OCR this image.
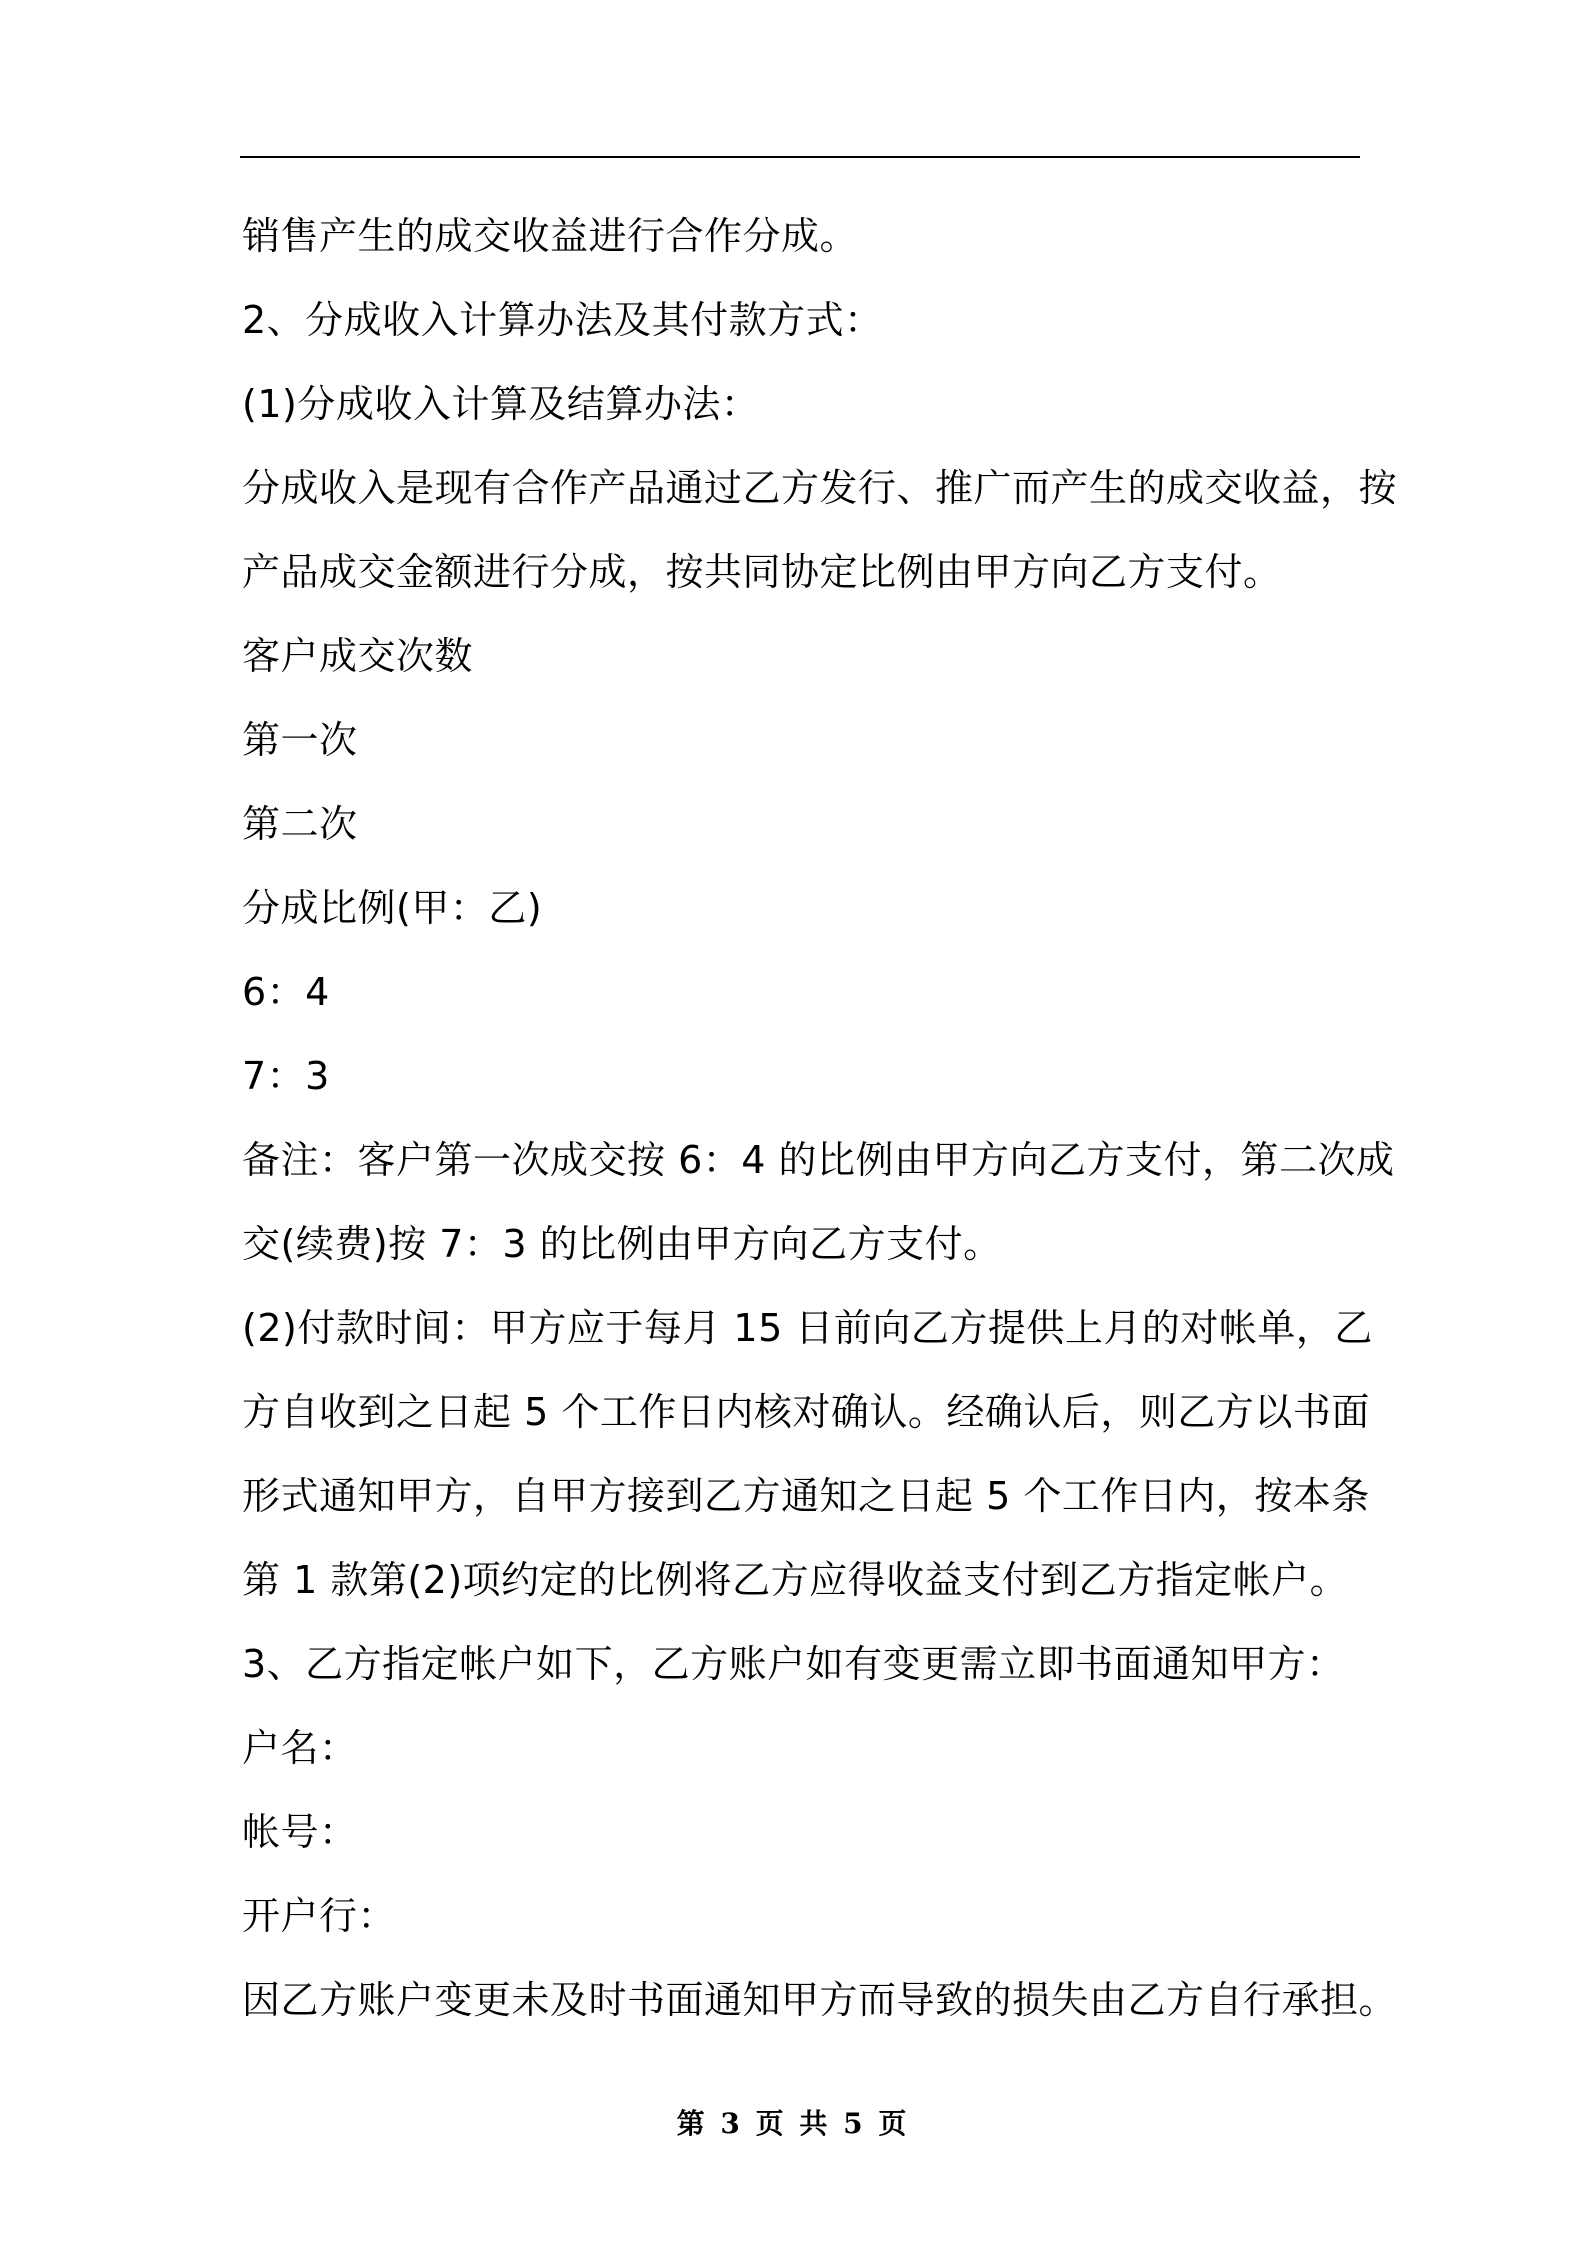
销售产生的成交收益进行合作分成。
2、分成收入计算办法及其付款方式：
(1)分成收入计算及结算办法：
分成收入是现有合作产品通过乙方发行、推广而产生的成交收益，按
产品成交金额进行分成，按共同协定比例由甲方向乙方支付。
客户成交次数
第一次
第二次
分成比例(甲：乙)
6：4
7：3
备注：客户第一次成交按 6：4 的比例由甲方向乙方支付，第二次成
交(续费)按 7：3 的比例由甲方向乙方支付。
(2)付款时间：甲方应于每月 15 日前向乙方提供上月的对帐单，乙
方自收到之日起 5 个工作日内核对确认。经确认后，则乙方以书面
形式通知甲方，自甲方接到乙方通知之日起 5 个工作日内，按本条
第 1 款第(2)项约定的比例将乙方应得收益支付到乙方指定帐户。
3、乙方指定帐户如下，乙方账户如有变更需立即书面通知甲方：
户名：
帐号：
开户行：
因乙方账户变更未及时书面通知甲方而导致的损失由乙方自行承担。
第 3 页 共 5 页
